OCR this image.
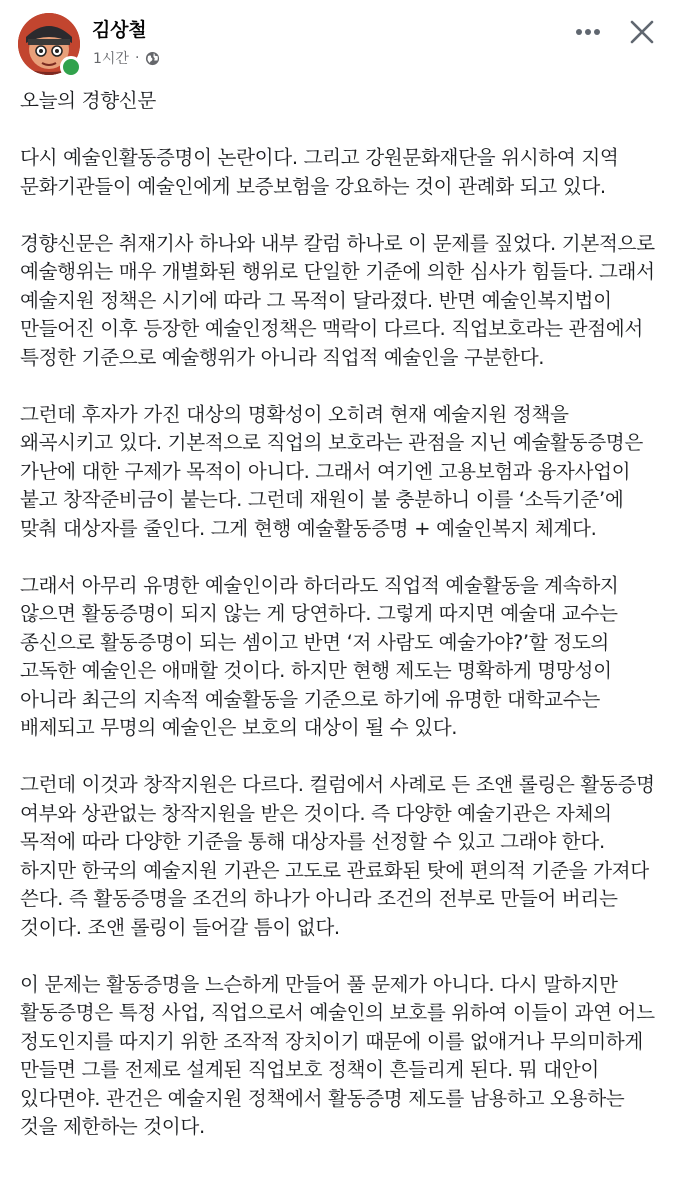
김상철
1시간 ·

오늘의 경향신문

다시 예술인활동증명이 논란이다. 그리고 강원문화재단을 위시하여 지역 문화기관들이 예술인에게 보증보험을 강요하는 것이 관례화 되고 있다.

경향신문은 취재기사 하나와 내부 칼럼 하나로 이 문제를 짚었다. 기본적으로 예술행위는 매우 개별화된 행위로 단일한 기준에 의한 심사가 힘들다. 그래서 예술지원 정책은 시기에 따라 그 목적이 달라졌다. 반면 예술인복지법이 만들어진 이후 등장한 예술인정책은 맥락이 다르다. 직업보호라는 관점에서 특정한 기준으로 예술행위가 아니라 직업적 예술인을 구분한다.

그런데 후자가 가진 대상의 명확성이 오히려 현재 예술지원 정책을 왜곡시키고 있다. 기본적으로 직업의 보호라는 관점을 지닌 예술활동증명은 가난에 대한 구제가 목적이 아니다. 그래서 여기엔 고용보험과 융자사업이 붙고 창작준비금이 붙는다. 그런데 재원이 불 충분하니 이를 ‘소득기준’에 맞춰 대상자를 줄인다. 그게 현행 예술활동증명 + 예술인복지 체계다.

그래서 아무리 유명한 예술인이라 하더라도 직업적 예술활동을 계속하지 않으면 활동증명이 되지 않는 게 당연하다. 그렇게 따지면 예술대 교수는 종신으로 활동증명이 되는 셈이고 반면 ‘저 사람도 예술가야?’할 정도의 고독한 예술인은 애매할 것이다. 하지만 현행 제도는 명확하게 명망성이 아니라 최근의 지속적 예술활동을 기준으로 하기에 유명한 대학교수는 배제되고 무명의 예술인은 보호의 대상이 될 수 있다.

그런데 이것과 창작지원은 다르다. 컬럼에서 사례로 든 조앤 롤링은 활동증명 여부와 상관없는 창작지원을 받은 것이다. 즉 다양한 예술기관은 자체의 목적에 따라 다양한 기준을 통해 대상자를 선정할 수 있고 그래야 한다. 하지만 한국의 예술지원 기관은 고도로 관료화된 탓에 편의적 기준을 가져다 쓴다. 즉 활동증명을 조건의 하나가 아니라 조건의 전부로 만들어 버리는 것이다. 조앤 롤링이 들어갈 틈이 없다.

이 문제는 활동증명을 느슨하게 만들어 풀 문제가 아니다. 다시 말하지만 활동증명은 특정 사업, 직업으로서 예술인의 보호를 위하여 이들이 과연 어느 정도인지를 따지기 위한 조작적 장치이기 때문에 이를 없애거나 무의미하게 만들면 그를 전제로 설계된 직업보호 정책이 흔들리게 된다. 뭐 대안이 있다면야. 관건은 예술지원 정책에서 활동증명 제도를 남용하고 오용하는 것을 제한하는 것이다.
